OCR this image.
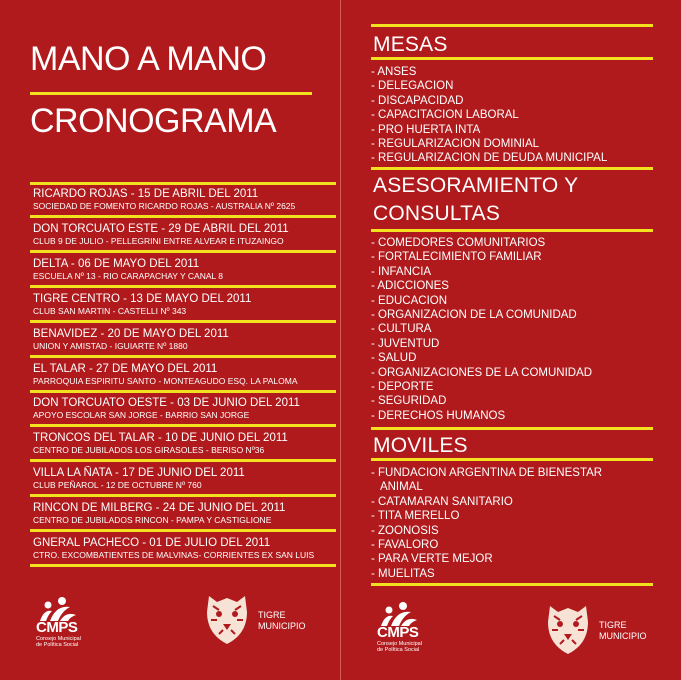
MANO A MANO
CRONOGRAMA
RICARDO ROJAS - 15 DE ABRIL DEL 2011
SOCIEDAD DE FOMENTO RICARDO ROJAS - AUSTRALIA Nº 2625
DON TORCUATO ESTE - 29 DE ABRIL DEL 2011
CLUB 9 DE JULIO - PELLEGRINI ENTRE ALVEAR E ITUZAINGO
DELTA - 06 DE MAYO DEL 2011
ESCUELA Nº 13 - RIO CARAPACHAY Y CANAL 8
TIGRE CENTRO - 13 DE MAYO DEL 2011
CLUB SAN MARTIN - CASTELLI Nº 343
BENAVIDEZ - 20 DE MAYO DEL 2011
UNION Y AMISTAD - IGUIARTE Nº 1880
EL TALAR - 27 DE MAYO DEL 2011
PARROQUIA ESPIRITU SANTO - MONTEAGUDO ESQ. LA PALOMA
DON TORCUATO OESTE - 03 DE JUNIO DEL 2011
APOYO ESCOLAR SAN JORGE - BARRIO SAN JORGE
TRONCOS DEL TALAR - 10 DE JUNIO DEL 2011
CENTRO DE JUBILADOS LOS GIRASOLES - BERISO Nº36
VILLA LA ÑATA - 17 DE JUNIO DEL 2011
CLUB PEÑAROL - 12 DE OCTUBRE Nº 760
RINCON DE MILBERG - 24 DE JUNIO DEL 2011
CENTRO DE JUBILADOS RINCON - PAMPA Y CASTIGLIONE
GNERAL PACHECO - 01 DE JULIO DEL 2011
CTRO. EXCOMBATIENTES DE MALVINAS- CORRIENTES EX SAN LUIS
CMPS
Consejo Municipal
de Política Social
TIGRE
MUNICIPIO
MESAS
- ANSES
- DELEGACION
- DISCAPACIDAD
- CAPACITACION LABORAL
- PRO HUERTA INTA
- REGULARIZACION DOMINIAL
- REGULARIZACION DE DEUDA MUNICIPAL
ASESORAMIENTO Y
CONSULTAS
- COMEDORES COMUNITARIOS
- FORTALECIMIENTO FAMILIAR
- INFANCIA
- ADICCIONES
- EDUCACION
- ORGANIZACION DE LA COMUNIDAD
- CULTURA
- JUVENTUD
- SALUD
- ORGANIZACIONES DE LA COMUNIDAD
- DEPORTE
- SEGURIDAD
- DERECHOS HUMANOS
MOVILES
- FUNDACION ARGENTINA DE BIENESTAR
ANIMAL
- CATAMARAN SANITARIO
- TITA MERELLO
- ZOONOSIS
- FAVALORO
- PARA VERTE MEJOR
- MUELITAS
CMPS
Consejo Municipal
de Política Social
TIGRE
MUNICIPIO
